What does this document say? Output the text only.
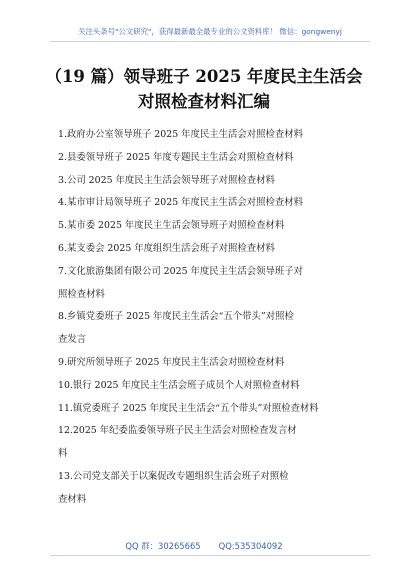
关注头条号"公文研究"，获得最新最全最专业的公文资料库！ 微信：gongwenyj
（19 篇）领导班子 2025 年度民主生活会
对照检查材料汇编

1.政府办公室领导班子 2025 年度民主生活会对照检查材料

2.县委领导班子 2025 年度专题民主生活会对照检查材料

3.公司 2025 年度民主生活会领导班子对照检查材料

4.某市审计局领导班子 2025 年度民主生活会对照检查材料

5.某市委 2025 年度民主生活会领导班子对照检查材料

6.某支委会 2025 年度组织生活会班子对照检查材料

7.文化旅游集团有限公司 2025 年度民主生活会领导班子对

照检查材料

8.乡镇党委班子 2025 年度民主生活会“五个带头”对照检

查发言

9.研究所领导班子 2025 年度民主生活会对照检查材料

10.银行 2025 年度民主生活会班子成员个人对照检查材料

11.镇党委班子 2025 年度民主生活会“五个带头”对照检查材料

12.2025 年纪委监委领导班子民主生活会对照检查发言材

料

13.公司党支部关于以案促改专题组织生活会班子对照检

查材料

QQ 群：30265665 QQ:535304092
